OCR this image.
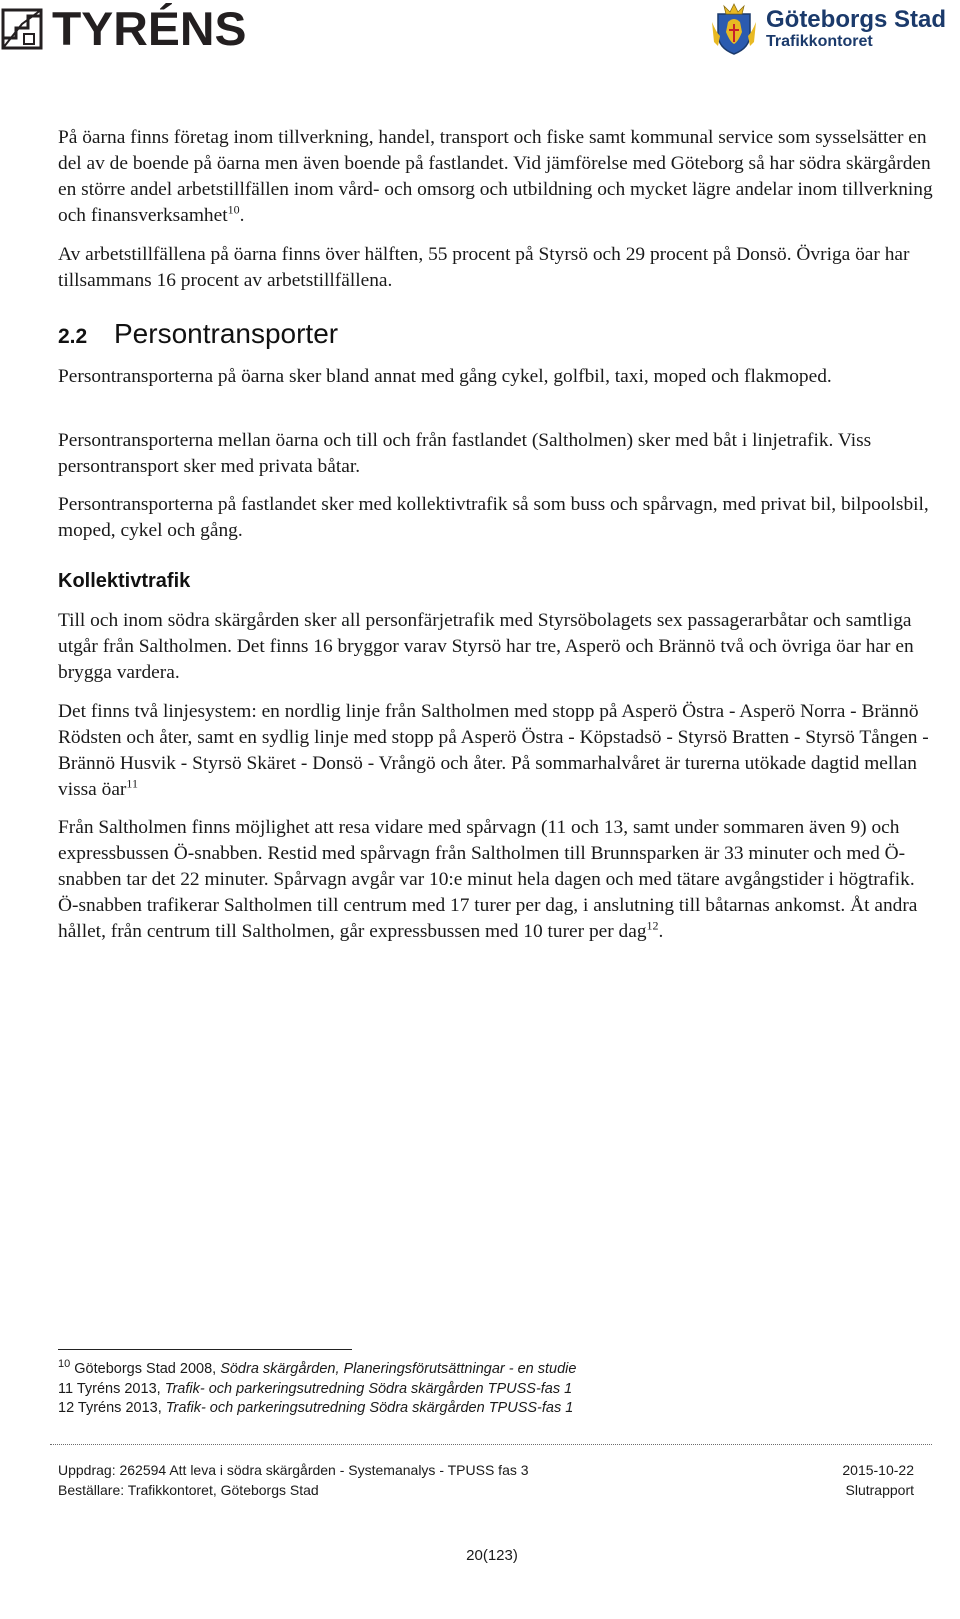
TYRÉNS	Göteborgs Stad
Trafikkontoret

På öarna finns företag inom tillverkning, handel, transport och fiske samt kommunal service som sysselsätter en del av de boende på öarna men även boende på fastlandet. Vid jämförelse med Göteborg så har södra skärgården en större andel arbetstillfällen inom vård- och omsorg och utbildning och mycket lägre andelar inom tillverkning och finansverksamhet$^{10}$.

Av arbetstillfällena på öarna finns över hälften, 55 procent på Styrsö och 29 procent på Donsö. Övriga öar har tillsammans 16 procent av arbetstillfällena.

2.2 Persontransporter

Persontransporterna på öarna sker bland annat med gång cykel, golfbil, taxi, moped och flakmoped.

Persontransporterna mellan öarna och till och från fastlandet (Saltholmen) sker med båt i linjetrafik. Viss persontransport sker med privata båtar.

Persontransporterna på fastlandet sker med kollektivtrafik så som buss och spårvagn, med privat bil, bilpoolsbil, moped, cykel och gång.

Kollektivtrafik

Till och inom södra skärgården sker all personfärjetrafik med Styrsöbolagets sex passagerarbåtar och samtliga utgår från Saltholmen. Det finns 16 bryggor varav Styrsö har tre, Asperö och Brännö två och övriga öar har en brygga vardera.

Det finns två linjesystem: en nordlig linje från Saltholmen med stopp på Asperö Östra - Asperö Norra - Brännö Rödsten och åter, samt en sydlig linje med stopp på Asperö Östra - Köpstadsö - Styrsö Bratten - Styrsö Tången - Brännö Husvik - Styrsö Skäret - Donsö - Vrångö och åter. På sommarhalvåret är turerna utökade dagtid mellan vissa öar$^{11}$

Från Saltholmen finns möjlighet att resa vidare med spårvagn (11 och 13, samt under sommaren även 9) och expressbussen Ö-snabben. Restid med spårvagn från Saltholmen till Brunnsparken är 33 minuter och med Ö-snabben tar det 22 minuter. Spårvagn avgår var 10:e minut hela dagen och med tätare avgångstider i högtrafik. Ö-snabben trafikerar Saltholmen till centrum med 17 turer per dag, i anslutning till båtarnas ankomst. Åt andra hållet, från centrum till Saltholmen, går expressbussen med 10 turer per dag$^{12}$.

$^{10}$ Göteborgs Stad 2008, Södra skärgården, Planeringsförutsättningar - en studie
11 Tyréns 2013, Trafik- och parkeringsutredning Södra skärgården TPUSS-fas 1
12 Tyréns 2013, Trafik- och parkeringsutredning Södra skärgården TPUSS-fas 1
Uppdrag: 262594 Att leva i södra skärgården - Systemanalys - TPUSS fas 3	2015-10-22
Beställare: Trafikkontoret, Göteborgs Stad	Slutrapport
20(123)
